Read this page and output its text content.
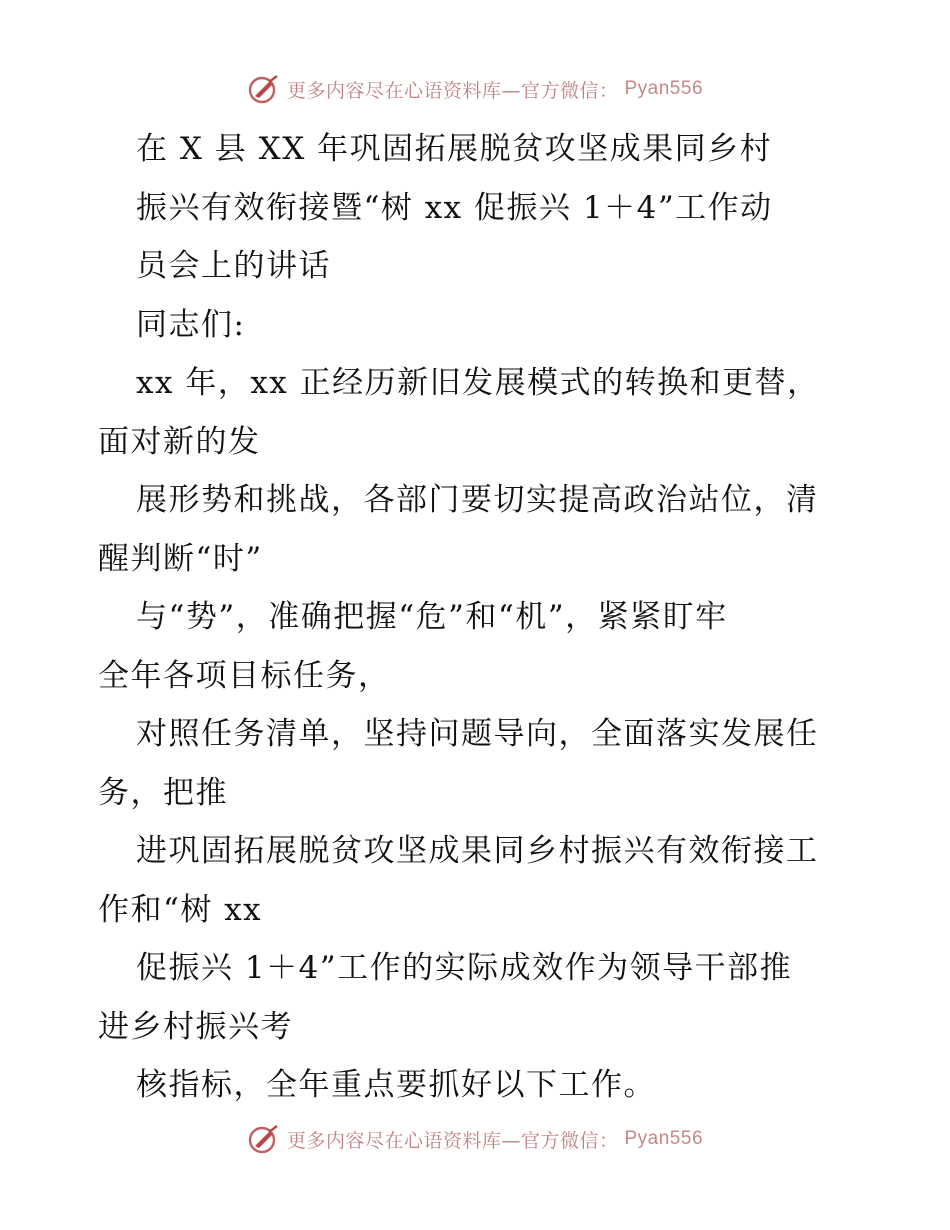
更多内容尽在心语资料库—官方微信： Pyan556
在 X 县 XX 年巩固拓展脱贫攻坚成果同乡村
振兴有效衔接暨“树 xx 促振兴 1＋4”工作动
员会上的讲话
同志们:
xx 年，xx 正经历新旧发展模式的转换和更替，
面对新的发
展形势和挑战，各部门要切实提高政治站位，清
醒判断“时”
与“势”，准确把握“危”和“机”，紧紧盯牢
全年各项目标任务，
对照任务清单，坚持问题导向，全面落实发展任
务，把推
进巩固拓展脱贫攻坚成果同乡村振兴有效衔接工
作和“树 xx
促振兴 1＋4”工作的实际成效作为领导干部推
进乡村振兴考
核指标，全年重点要抓好以下工作。
更多内容尽在心语资料库—官方微信： Pyan556
